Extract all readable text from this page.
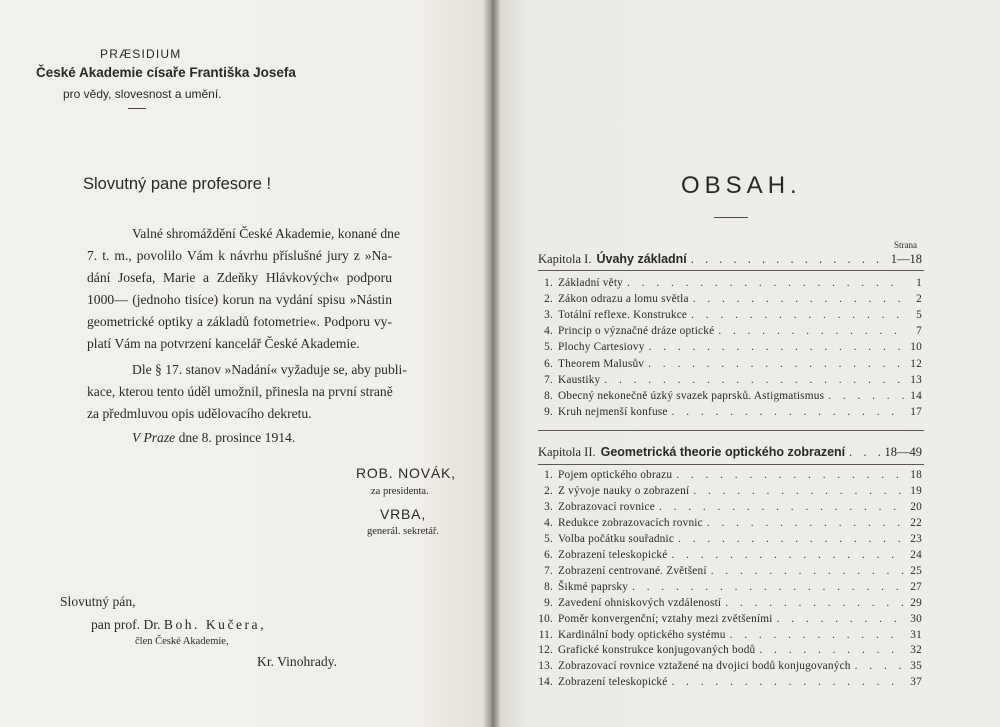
PRÆSIDIUM
České Akademie císaře Františka Josefa
pro vědy, slovesnost a umění.
Slovutný pane profesore !
Valné shromáždění České Akademie, konané dne
7. t. m., povolilo Vám k návrhu příslušné jury z »Na-
dání Josefa, Marie a Zdeňky Hlávkových« podporu
1000— (jednoho tisíce) korun na vydání spisu »Nástin
geometrické optiky a základů fotometrie«. Podporu vy-
platí Vám na potvrzení kancelář České Akademie.
Dle § 17. stanov »Nadání« vyžaduje se, aby publi-
kace, kterou tento úděl umožnil, přinesla na první straně
za předmluvou opis udělovacího dekretu.
V Praze dne 8. prosince 1914.
ROB. NOVÁK,
za presidenta.
VRBA,
generál. sekretář.
Slovutný pán,
pan prof. Dr. Boh. Kučera,
člen České Akademie,
Kr. Vinohrady.
OBSAH.
Strana
Kapitola I. Úvahy základní . . .	1—18
1. Základní věty . . .	1
2. Zákon odrazu a lomu světla . . .	2
3. Totální reflexe. Konstrukce . . .	5
4. Princip o význačné dráze optické . . .	7
5. Plochy Cartesiovy . . .	10
6. Theorem Malusův . . .	12
7. Kaustiky . . .	13
8. Obecný nekonečně úzký svazek paprsků. Astigmatismus . . .	14
9. Kruh nejmenší konfuse . . .	17
Kapitola II. Geometrická theorie optického zobrazení . . .	18—49
1. Pojem optického obrazu . . .	18
2. Z vývoje nauky o zobrazení . . .	19
3. Zobrazovací rovnice . . .	20
4. Redukce zobrazovacích rovnic . . .	22
5. Volba počátku souřadnic . . .	23
6. Zobrazení teleskopické . . .	24
7. Zobrazení centrované. Zvětšení . . .	25
8. Šikmé paprsky . . .	27
9. Zavedení ohniskových vzdáleností . . .	29
10. Poměr konvergenční; vztahy mezi zvětšeními . . .	30
11. Kardinální body optického systému . . .	31
12. Grafické konstrukce konjugovaných bodů . . .	32
13. Zobrazovací rovnice vztažené na dvojici bodů konjugovaných . . .	35
14. Zobrazení teleskopické . . .	37
